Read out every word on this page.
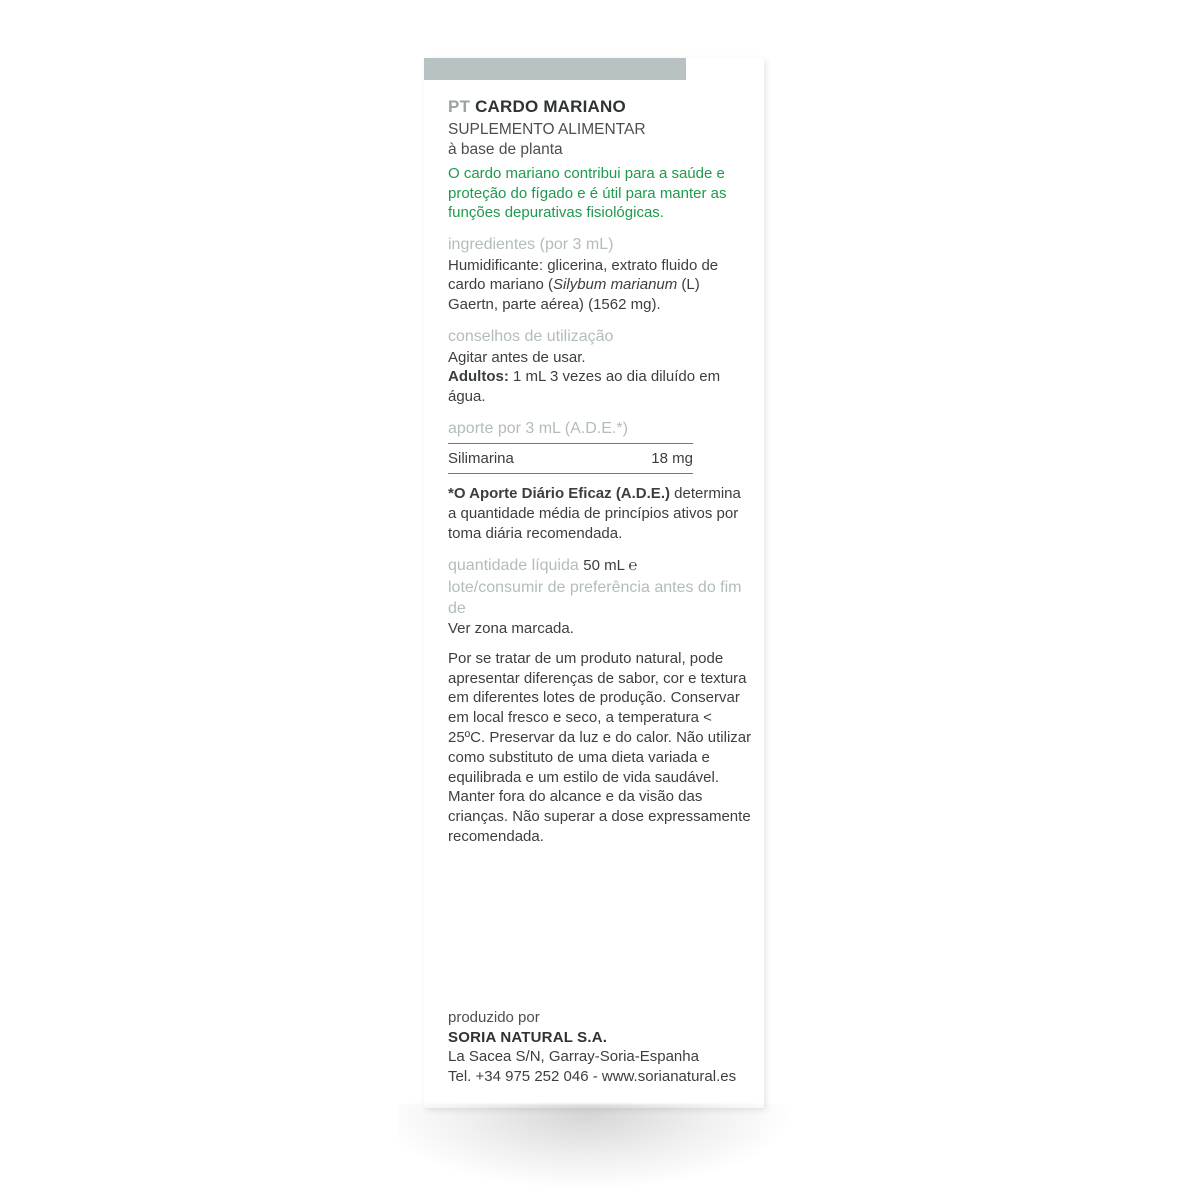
PT CARDO MARIANO
SUPLEMENTO ALIMENTAR
à base de planta
O cardo mariano contribui para a saúde e proteção do fígado e é útil para manter as funções depurativas fisiológicas.
ingredientes (por 3 mL)
Humidificante: glicerina, extrato fluido de cardo mariano (Silybum marianum (L) Gaertn, parte aérea) (1562 mg).
conselhos de utilização
Agitar antes de usar.
Adultos: 1 mL 3 vezes ao dia diluído em água.
aporte por 3 mL (A.D.E.*)
Silimarina	18 mg
*O Aporte Diário Eficaz (A.D.E.) determina a quantidade média de princípios ativos por toma diária recomendada.
quantidade líquida 50 mL ℮
lote/consumir de preferência antes do fim de
Ver zona marcada.
Por se tratar de um produto natural, pode apresentar diferenças de sabor, cor e textura em diferentes lotes de produção. Conservar em local fresco e seco, a temperatura < 25ºC. Preservar da luz e do calor. Não utilizar como substituto de uma dieta variada e equilibrada e um estilo de vida saudável. Manter fora do alcance e da visão das crianças. Não superar a dose expressamente recomendada.
produzido por
SORIA NATURAL S.A.
La Sacea S/N, Garray-Soria-Espanha
Tel. +34 975 252 046 - www.sorianatural.es
